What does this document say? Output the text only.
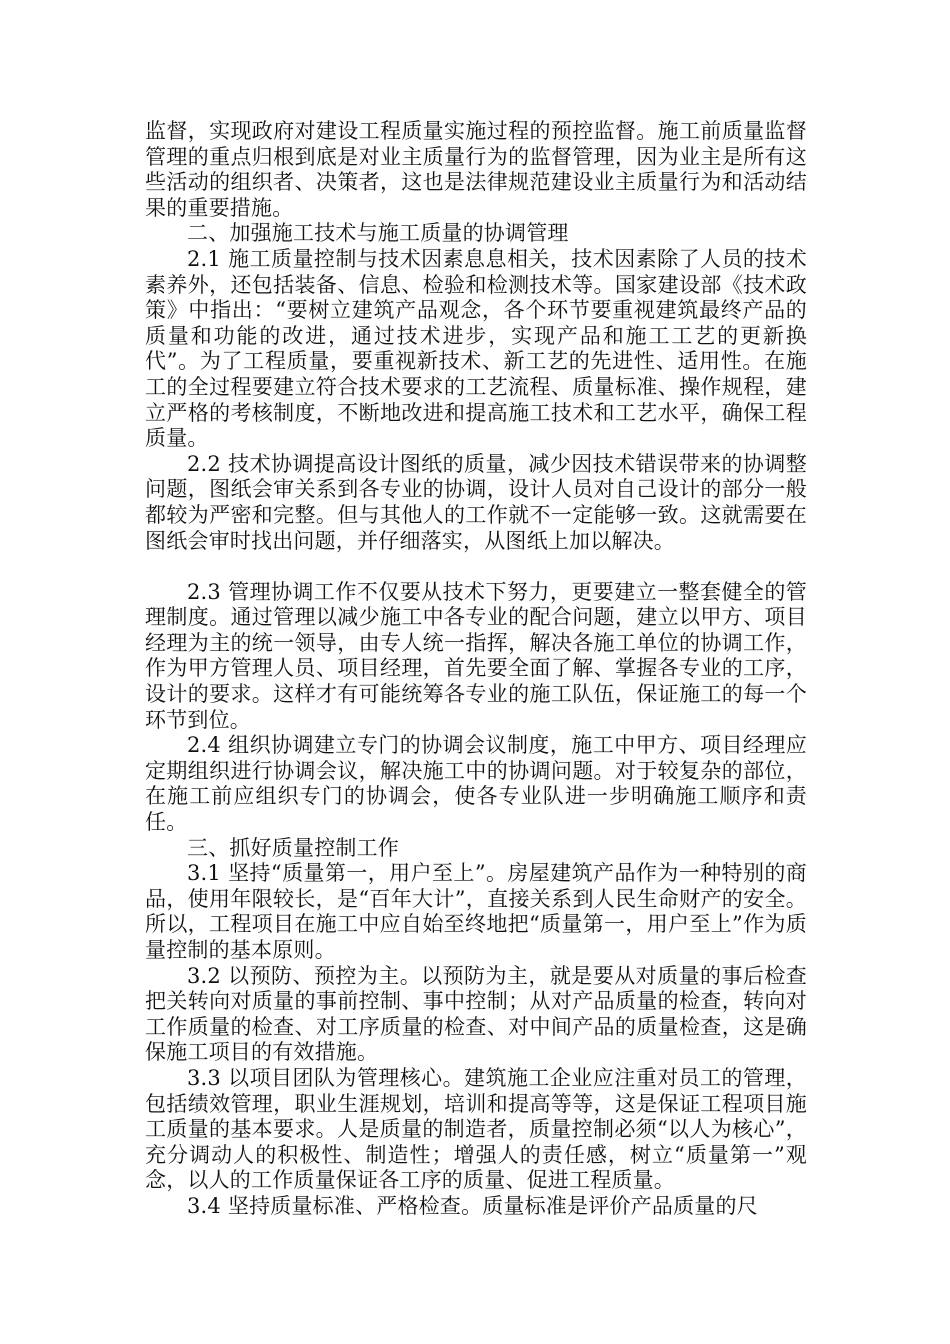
监督，实现政府对建设工程质量实施过程的预控监督。施工前质量监督管理的重点归根到底是对业主质量行为的监督管理，因为业主是所有这些活动的组织者、决策者，这也是法律规范建设业主质量行为和活动结果的重要措施。

二、加强施工技术与施工质量的协调管理

2.1 施工质量控制与技术因素息息相关，技术因素除了人员的技术素养外，还包括装备、信息、检验和检测技术等。国家建设部《技术政策》中指出：“要树立建筑产品观念，各个环节要重视建筑最终产品的质量和功能的改进，通过技术进步，实现产品和施工工艺的更新换代”。为了工程质量，要重视新技术、新工艺的先进性、适用性。在施工的全过程要建立符合技术要求的工艺流程、质量标准、操作规程，建立严格的考核制度，不断地改进和提高施工技术和工艺水平，确保工程质量。

2.2 技术协调提高设计图纸的质量，减少因技术错误带来的协调整问题，图纸会审关系到各专业的协调，设计人员对自己设计的部分一般都较为严密和完整。但与其他人的工作就不一定能够一致。这就需要在图纸会审时找出问题，并仔细落实，从图纸上加以解决。

2.3 管理协调工作不仅要从技术下努力，更要建立一整套健全的管理制度。通过管理以减少施工中各专业的配合问题，建立以甲方、项目经理为主的统一领导，由专人统一指挥，解决各施工单位的协调工作，作为甲方管理人员、项目经理，首先要全面了解、掌握各专业的工序，设计的要求。这样才有可能统筹各专业的施工队伍，保证施工的每一个环节到位。

2.4 组织协调建立专门的协调会议制度，施工中甲方、项目经理应定期组织进行协调会议，解决施工中的协调问题。对于较复杂的部位，在施工前应组织专门的协调会，使各专业队进一步明确施工顺序和责任。

三、抓好质量控制工作

3.1 坚持“质量第一，用户至上”。房屋建筑产品作为一种特别的商品，使用年限较长，是“百年大计”，直接关系到人民生命财产的安全。所以，工程项目在施工中应自始至终地把“质量第一，用户至上”作为质量控制的基本原则。

3.2 以预防、预控为主。以预防为主，就是要从对质量的事后检查把关转向对质量的事前控制、事中控制；从对产品质量的检查，转向对工作质量的检查、对工序质量的检查、对中间产品的质量检查，这是确保施工项目的有效措施。

3.3 以项目团队为管理核心。建筑施工企业应注重对员工的管理，包括绩效管理，职业生涯规划，培训和提高等等，这是保证工程项目施工质量的基本要求。人是质量的制造者，质量控制必须“以人为核心”，充分调动人的积极性、制造性；增强人的责任感，树立“质量第一”观念，以人的工作质量保证各工序的质量、促进工程质量。

3.4 坚持质量标准、严格检查。质量标准是评价产品质量的尺
